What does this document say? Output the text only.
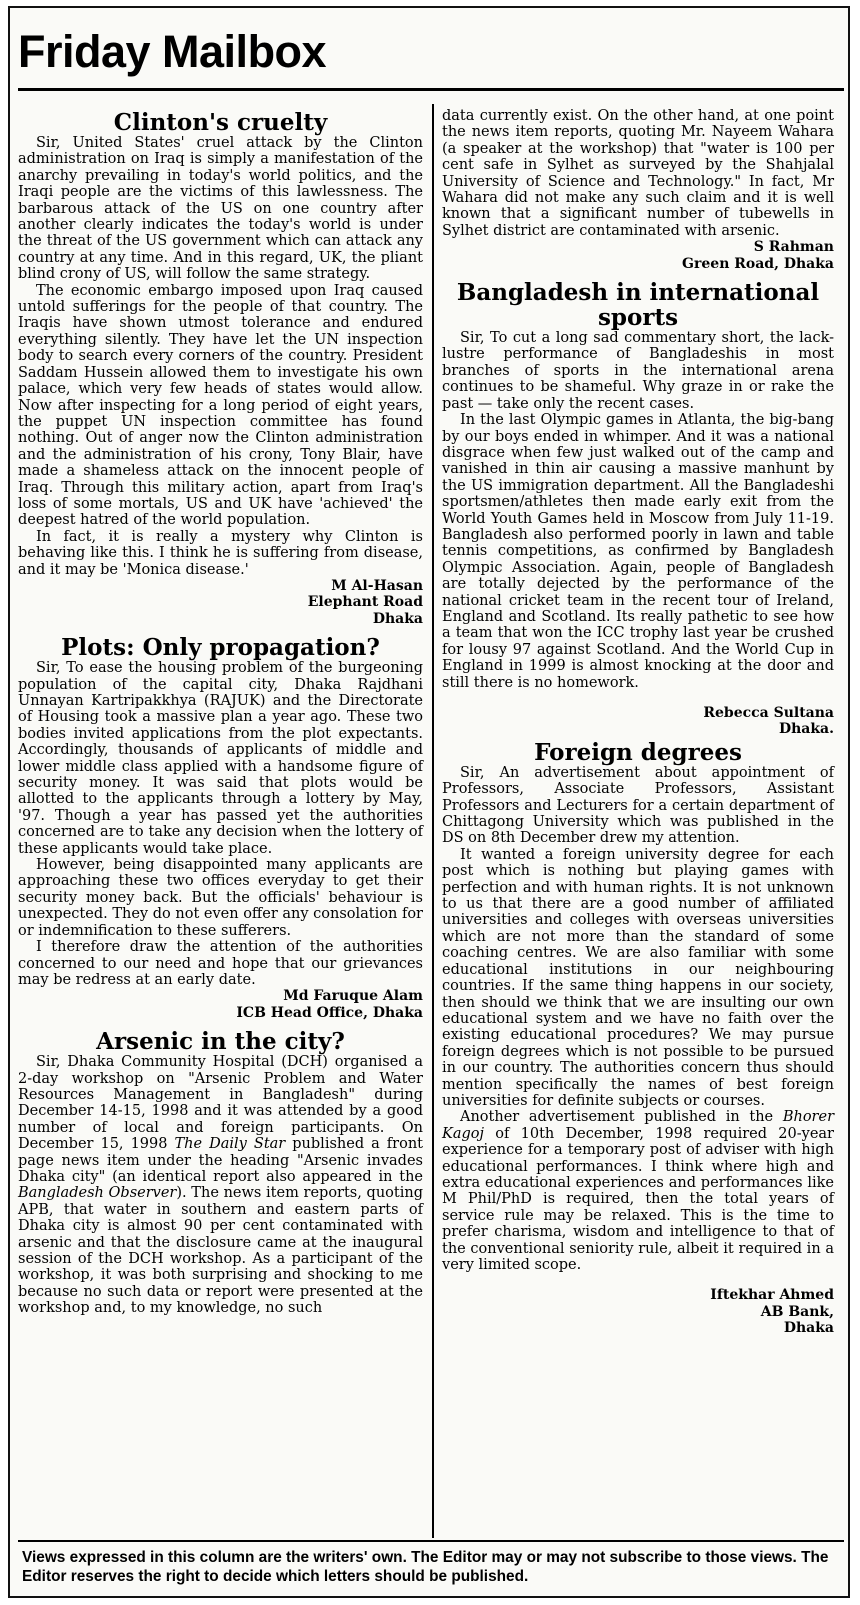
Friday Mailbox
Clinton's cruelty

Sir, United States' cruel attack by the Clinton administration on Iraq is simply a manifestation of the anarchy prevailing in today's world politics, and the Iraqi people are the victims of this lawlessness. The barbarous attack of the US on one country after another clearly indicates the today's world is under the threat of the US government which can attack any country at any time. And in this regard, UK, the pliant blind crony of US, will follow the same strategy.

The economic embargo imposed upon Iraq caused untold sufferings for the people of that country. The Iraqis have shown utmost tolerance and endured everything silently. They have let the UN inspection body to search every corners of the country. President Saddam Hussein allowed them to investigate his own palace, which very few heads of states would allow. Now after inspecting for a long period of eight years, the puppet UN inspection committee has found nothing. Out of anger now the Clinton administration and the administration of his crony, Tony Blair, have made a shameless attack on the innocent people of Iraq. Through this military action, apart from Iraq's loss of some mortals, US and UK have 'achieved' the deepest hatred of the world population.

In fact, it is really a mystery why Clinton is behaving like this. I think he is suffering from disease, and it may be 'Monica disease.'

M Al-Hasan

Elephant Road

Dhaka

Plots: Only propagation?

Sir, To ease the housing problem of the burgeoning population of the capital city, Dhaka Rajdhani Unnayan Kartripakkhya (RAJUK) and the Directorate of Housing took a massive plan a year ago. These two bodies invited applications from the plot expectants. Accordingly, thousands of applicants of middle and lower middle class applied with a handsome figure of security money. It was said that plots would be allotted to the applicants through a lottery by May, '97. Though a year has passed yet the authorities concerned are to take any decision when the lottery of these applicants would take place.

However, being disappointed many applicants are approaching these two offices everyday to get their security money back. But the officials' behaviour is unexpected. They do not even offer any consolation for or indemnification to these sufferers.

I therefore draw the attention of the authorities concerned to our need and hope that our grievances may be redress at an early date.

Md Faruque Alam

ICB Head Office, Dhaka

Arsenic in the city?

Sir, Dhaka Community Hospital (DCH) organised a 2-day workshop on "Arsenic Problem and Water Resources Management in Bangladesh" during December 14-15, 1998 and it was attended by a good number of local and foreign participants. On December 15, 1998 The Daily Star published a front page news item under the heading "Arsenic invades Dhaka city" (an identical report also appeared in the Bangladesh Observer). The news item reports, quoting APB, that water in southern and eastern parts of Dhaka city is almost 90 per cent contaminated with arsenic and that the disclosure came at the inaugural session of the DCH workshop. As a participant of the workshop, it was both surprising and shocking to me because no such data or report were presented at the workshop and, to my knowledge, no such

data currently exist. On the other hand, at one point the news item reports, quoting Mr. Nayeem Wahara (a speaker at the workshop) that "water is 100 per cent safe in Sylhet as surveyed by the Shahjalal University of Science and Technology." In fact, Mr Wahara did not make any such claim and it is well known that a significant number of tubewells in Sylhet district are contaminated with arsenic.

S Rahman

Green Road, Dhaka

Bangladesh in international sports

Sir, To cut a long sad commentary short, the lack-lustre performance of Bangladeshis in most branches of sports in the international arena continues to be shameful. Why graze in or rake the past — take only the recent cases.

In the last Olympic games in Atlanta, the big-bang by our boys ended in whimper. And it was a national disgrace when few just walked out of the camp and vanished in thin air causing a massive manhunt by the US immigration department. All the Bangladeshi sportsmen/athletes then made early exit from the World Youth Games held in Moscow from July 11-19. Bangladesh also performed poorly in lawn and table tennis competitions, as confirmed by Bangladesh Olympic Association. Again, people of Bangladesh are totally dejected by the performance of the national cricket team in the recent tour of Ireland, England and Scotland. Its really pathetic to see how a team that won the ICC trophy last year be crushed for lousy 97 against Scotland. And the World Cup in England in 1999 is almost knocking at the door and still there is no homework.

Rebecca Sultana

Dhaka.

Foreign degrees

Sir, An advertisement about appointment of Professors, Associate Professors, Assistant Professors and Lecturers for a certain department of Chittagong University which was published in the DS on 8th December drew my attention.

It wanted a foreign university degree for each post which is nothing but playing games with perfection and with human rights. It is not unknown to us that there are a good number of affiliated universities and colleges with overseas universities which are not more than the standard of some coaching centres. We are also familiar with some educational institutions in our neighbouring countries. If the same thing happens in our society, then should we think that we are insulting our own educational system and we have no faith over the existing educational procedures? We may pursue foreign degrees which is not possible to be pursued in our country. The authorities concern thus should mention specifically the names of best foreign universities for definite subjects or courses.

Another advertisement published in the Bhorer Kagoj of 10th December, 1998 required 20-year experience for a temporary post of adviser with high educational performances. I think where high and extra educational experiences and performances like M Phil/PhD is required, then the total years of service rule may be relaxed. This is the time to prefer charisma, wisdom and intelligence to that of the conventional seniority rule, albeit it required in a very limited scope.

Iftekhar Ahmed

AB Bank,

Dhaka

Views expressed in this column are the writers' own. The Editor may or may not subscribe to those views. The Editor reserves the right to decide which letters should be published.
